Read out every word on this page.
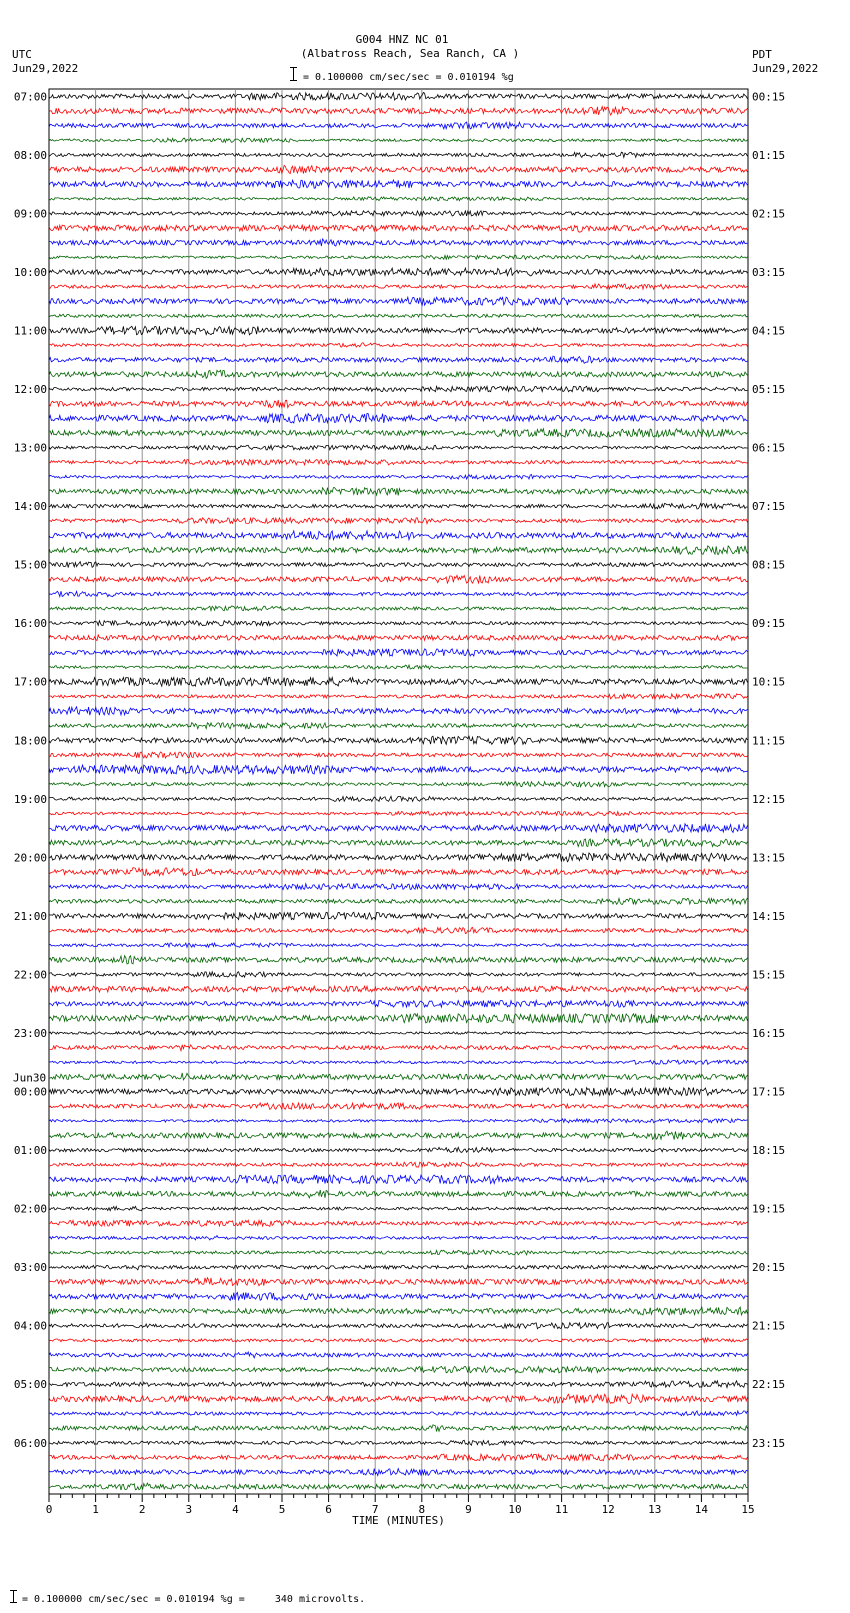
G004 HNZ NC 01
(Albatross Reach, Sea Ranch, CA )
= 0.100000 cm/sec/sec = 0.010194 %g
UTC
Jun29,2022
PDT
Jun29,2022
07:00	00:15
08:00	01:15
09:00	02:15
10:00	03:15
11:00	04:15
12:00	05:15
13:00	06:15
14:00	07:15
15:00	08:15
16:00	09:15
17:00	10:15
18:00	11:15
19:00	12:15
20:00	13:15
21:00	14:15
22:00	15:15
23:00	16:15
00:00	17:15
Jun30
01:00	18:15
02:00	19:15
03:00	20:15
04:00	21:15
05:00	22:15
06:00	23:15
0	1	2	3	4	5	6	7	8	9	10	11	12	13	14	15
TIME (MINUTES)
= 0.100000 cm/sec/sec = 0.010194 %g =     340 microvolts.
